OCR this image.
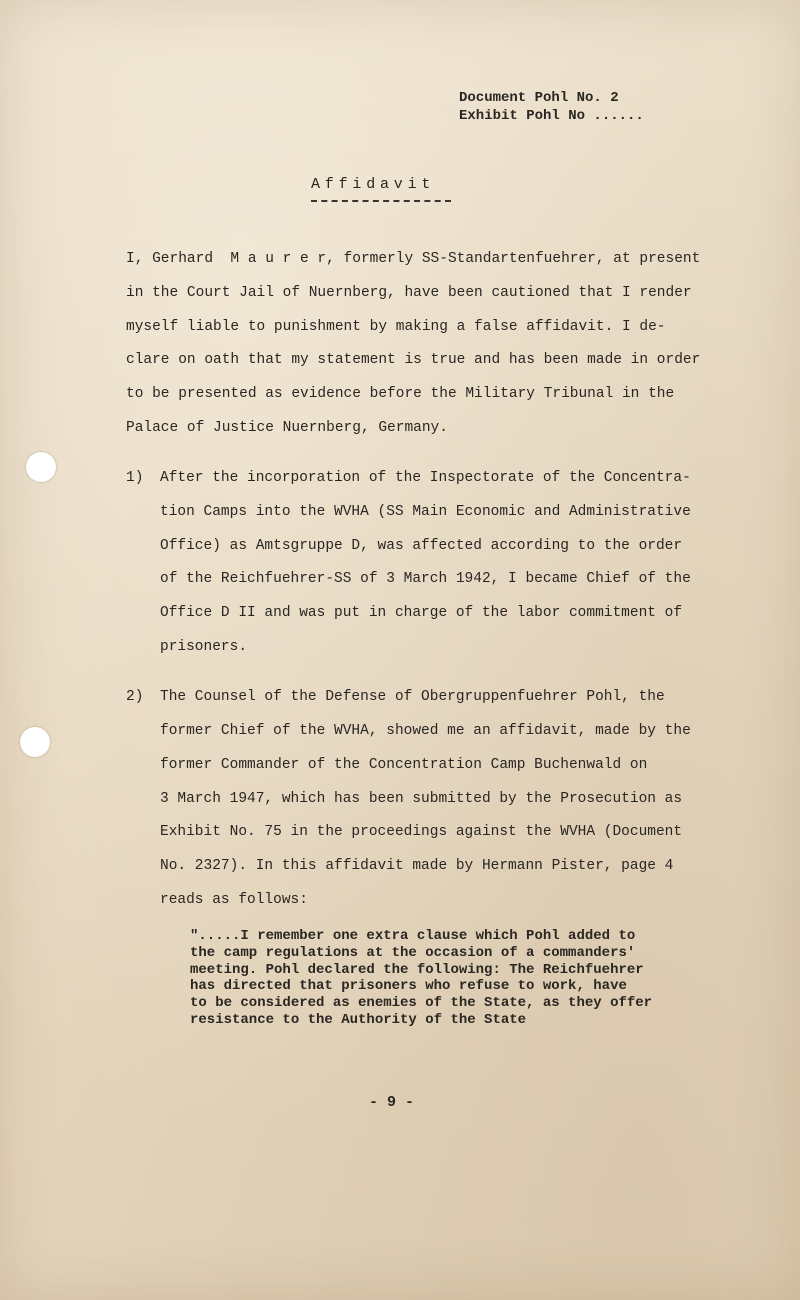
Document Pohl No. 2
Exhibit Pohl No ......
Affidavit
I, Gerhard  M a u r e r, formerly SS-Standartenfuehrer, at present
in the Court Jail of Nuernberg, have been cautioned that I render
myself liable to punishment by making a false affidavit. I de-
clare on oath that my statement is true and has been made in order
to be presented as evidence before the Military Tribunal in the
Palace of Justice Nuernberg, Germany.
1) After the incorporation of the Inspectorate of the Concentra-
tion Camps into the WVHA (SS Main Economic and Administrative
Office) as Amtsgruppe D, was affected according to the order
of the Reichfuehrer-SS of 3 March 1942, I became Chief of the
Office D II and was put in charge of the labor commitment of
prisoners.
2) The Counsel of the Defense of Obergruppenfuehrer Pohl, the
former Chief of the WVHA, showed me an affidavit, made by the
former Commander of the Concentration Camp Buchenwald on
3 March 1947, which has been submitted by the Prosecution as
Exhibit No. 75 in the proceedings against the WVHA (Document
No. 2327). In this affidavit made by Hermann Pister, page 4
reads as follows:
".....I remember one extra clause which Pohl added to
the camp regulations at the occasion of a commanders'
meeting. Pohl declared the following: The Reichfuehrer
has directed that prisoners who refuse to work, have
to be considered as enemies of the State, as they offer
resistance to the Authority of the State
- 9 -
